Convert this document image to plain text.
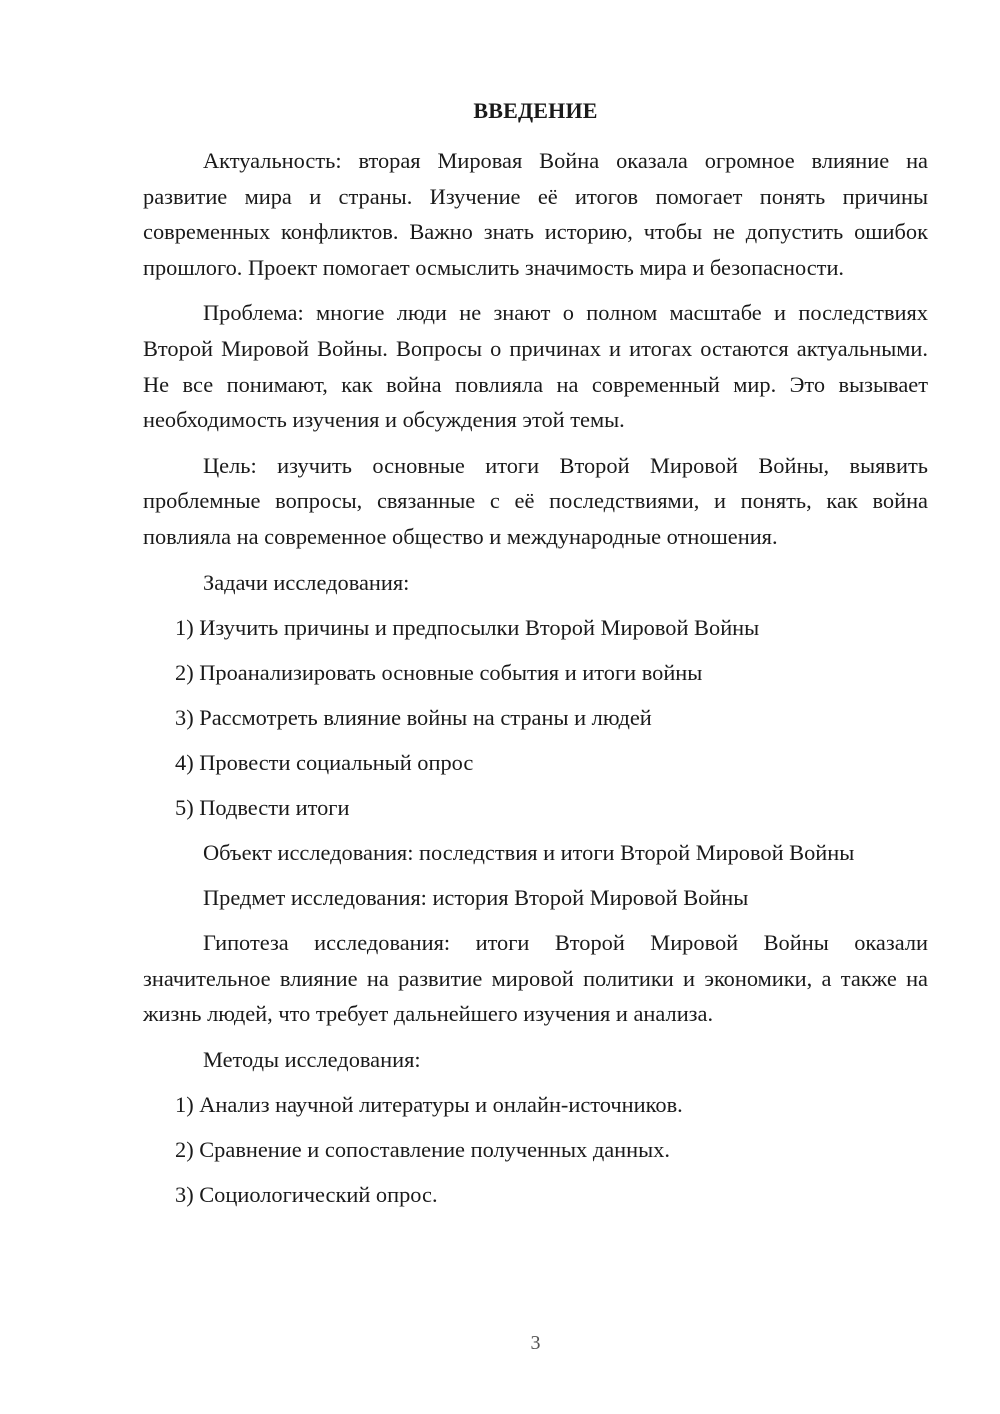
ВВЕДЕНИЕ

Актуальность: вторая Мировая Война оказала огромное влияние на развитие мира и страны. Изучение её итогов помогает понять причины современных конфликтов. Важно знать историю, чтобы не допустить ошибок прошлого. Проект помогает осмыслить значимость мира и безопасности.

Проблема: многие люди не знают о полном масштабе и последствиях Второй Мировой Войны. Вопросы о причинах и итогах остаются актуальными. Не все понимают, как война повлияла на современный мир. Это вызывает необходимость изучения и обсуждения этой темы.

Цель: изучить основные итоги Второй Мировой Войны, выявить проблемные вопросы, связанные с её последствиями, и понять, как война повлияла на современное общество и международные отношения.

Задачи исследования:

1) Изучить причины и предпосылки Второй Мировой Войны

2) Проанализировать основные события и итоги войны

3) Рассмотреть влияние войны на страны и людей

4) Провести социальный опрос

5) Подвести итоги

Объект исследования: последствия и итоги Второй Мировой Войны

Предмет исследования: история Второй Мировой Войны

Гипотеза исследования: итоги Второй Мировой Войны оказали значительное влияние на развитие мировой политики и экономики, а также на жизнь людей, что требует дальнейшего изучения и анализа.

Методы исследования:

1) Анализ научной литературы и онлайн-источников.

2) Сравнение и сопоставление полученных данных.

3) Социологический опрос.

3
